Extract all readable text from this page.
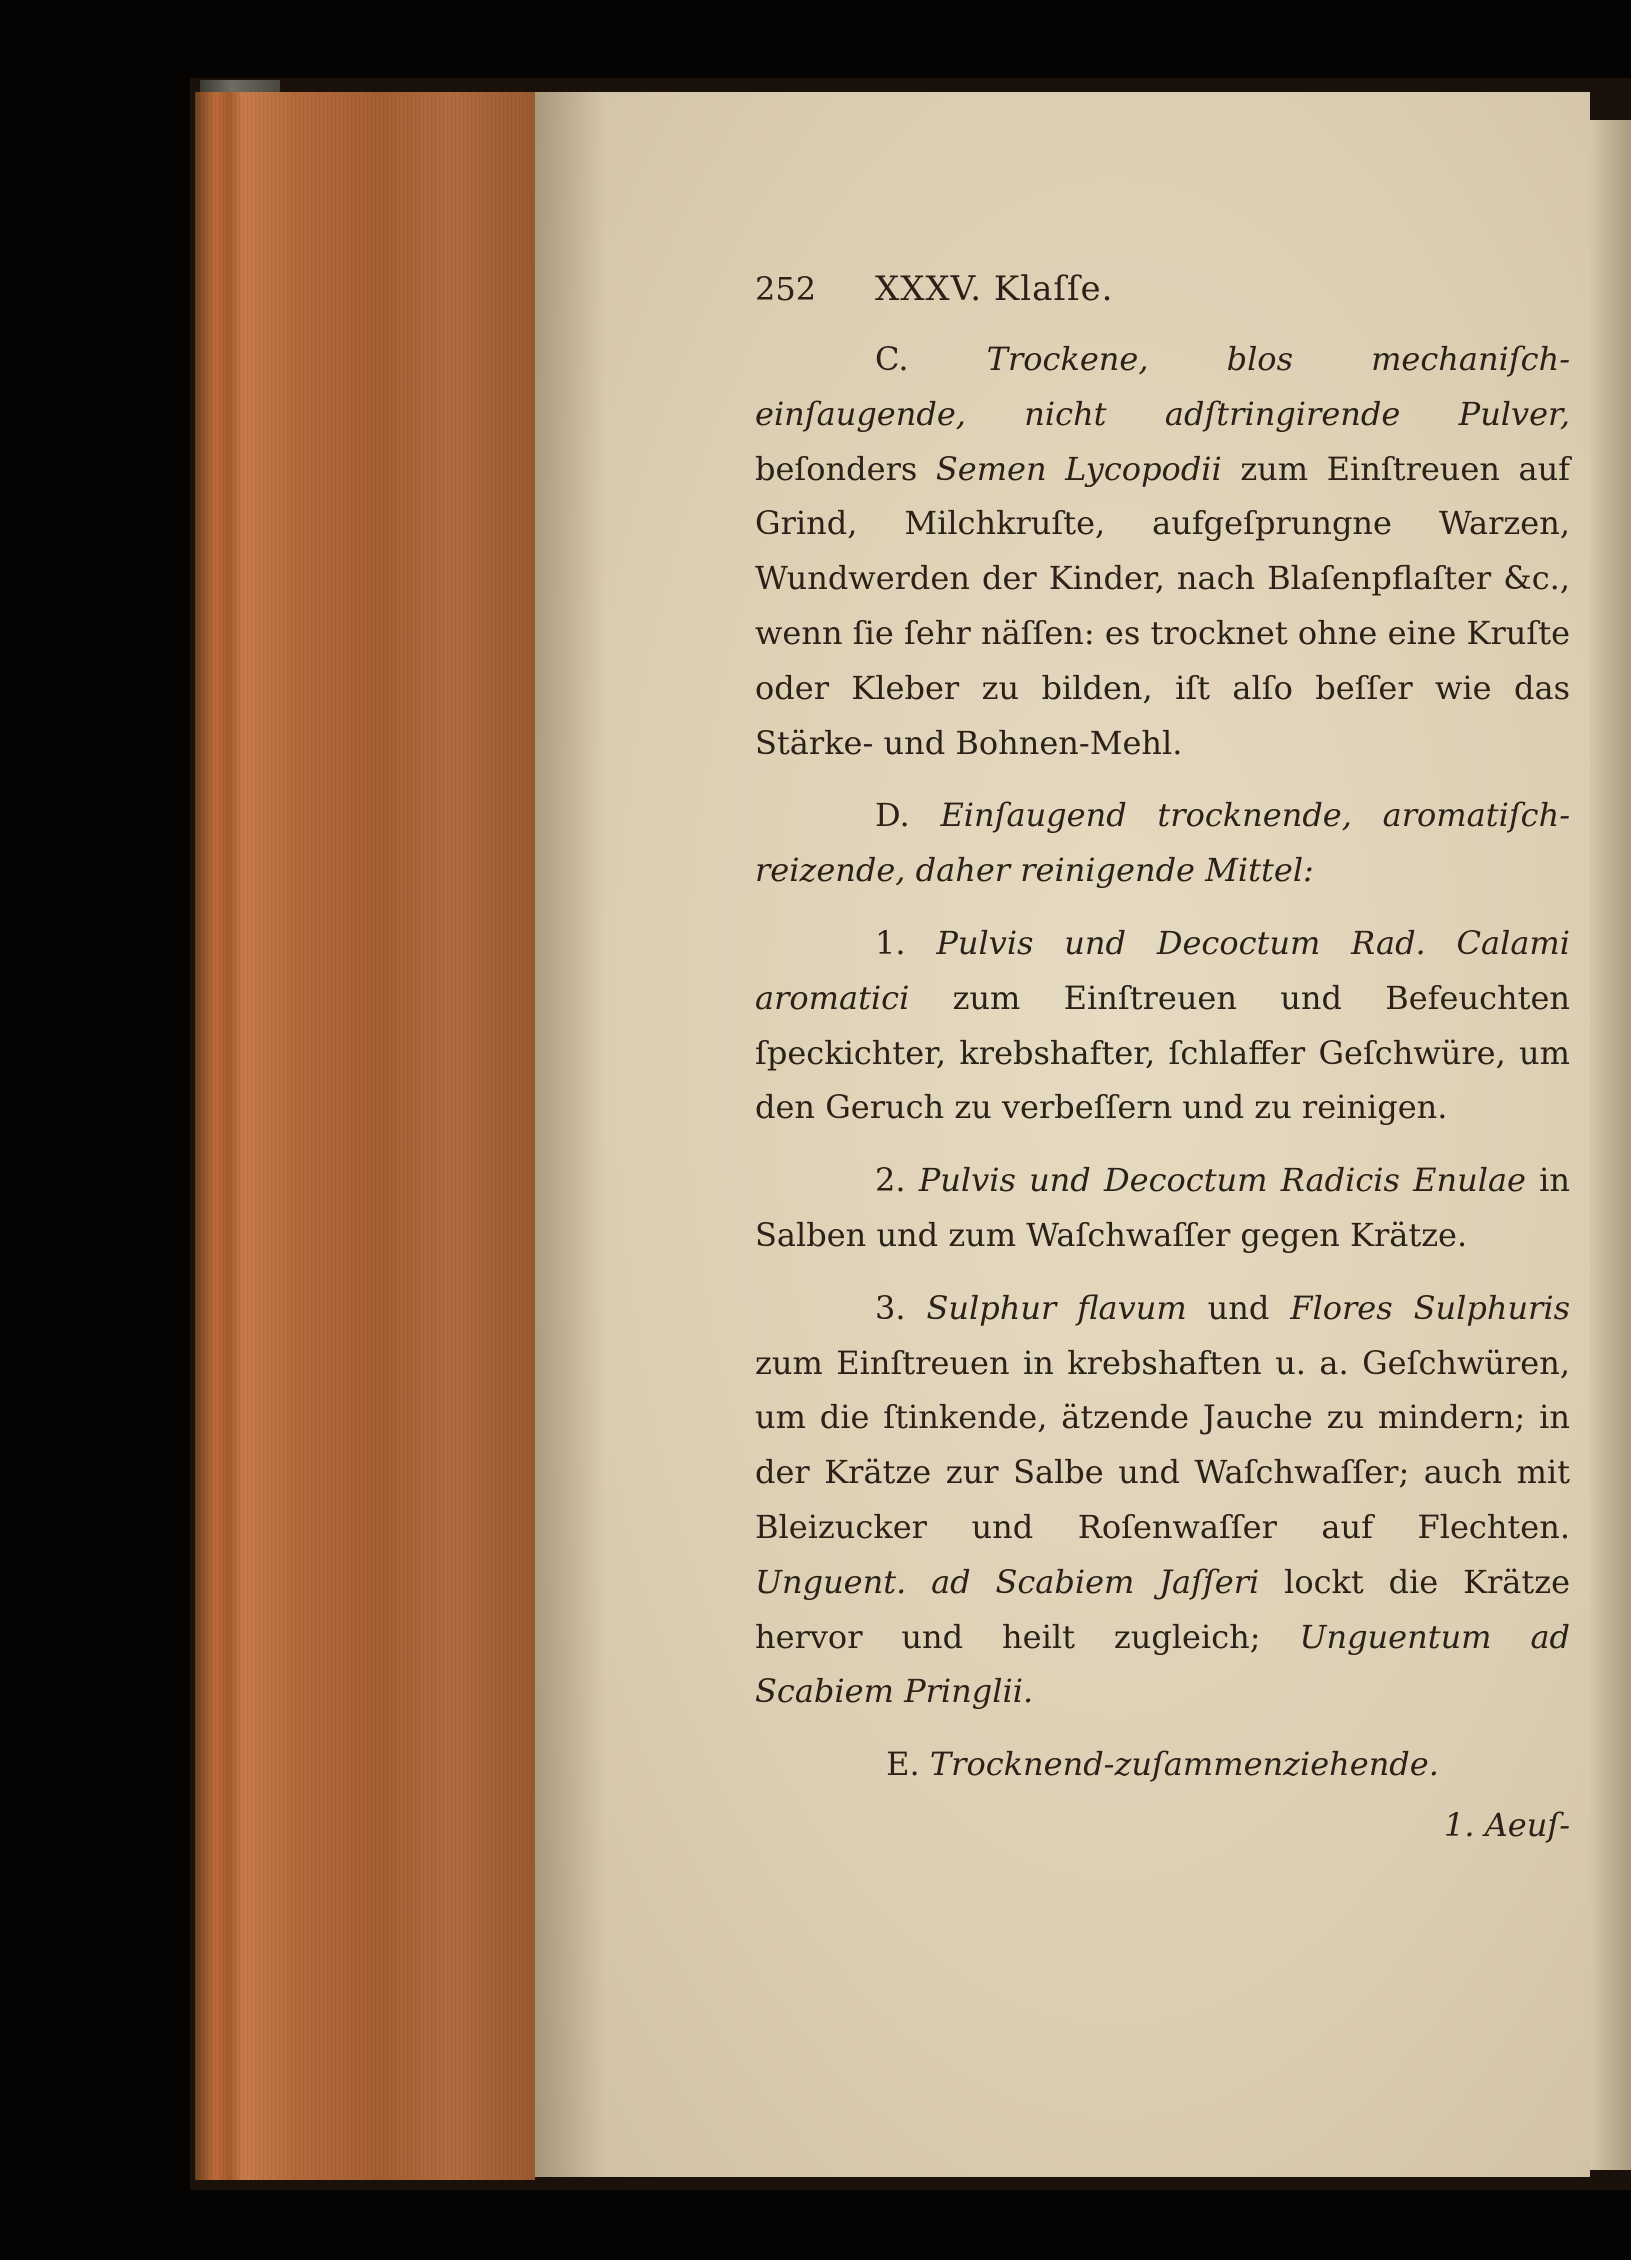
252	XXXV. Klaſſe.

C. Trockene, blos mechaniſch-einſaugende, nicht adſtringirende Pulver, beſonders Semen Lycopodii zum Einſtreuen auf Grind, Milchkruſte, aufgeſprungne Warzen, Wundwerden der Kinder, nach Blaſenpflaſter &c., wenn ſie ſehr näſſen: es trocknet ohne eine Kruſte oder Kleber zu bilden, iſt alſo beſſer wie das Stärke- und Bohnen-Mehl.

D. Einſaugend trocknende, aromatiſch-reizende, daher reinigende Mittel:

1. Pulvis und Decoctum Rad. Calami aromatici zum Einſtreuen und Befeuchten ſpeckichter, krebshafter, ſchlaffer Geſchwüre, um den Geruch zu verbeſſern und zu reinigen.

2. Pulvis und Decoctum Radicis Enulae in Salben und zum Waſchwaſſer gegen Krätze.

3. Sulphur flavum und Flores Sulphuris zum Einſtreuen in krebshaften u. a. Geſchwüren, um die ſtinkende, ätzende Jauche zu mindern; in der Krätze zur Salbe und Waſchwaſſer; auch mit Bleizucker und Roſenwaſſer auf Flechten. Unguent. ad Scabiem Jaſſeri lockt die Krätze hervor und heilt zugleich; Unguentum ad Scabiem Pringlii.

E. Trocknend-zuſammenziehende.

1. Aeuſ-
